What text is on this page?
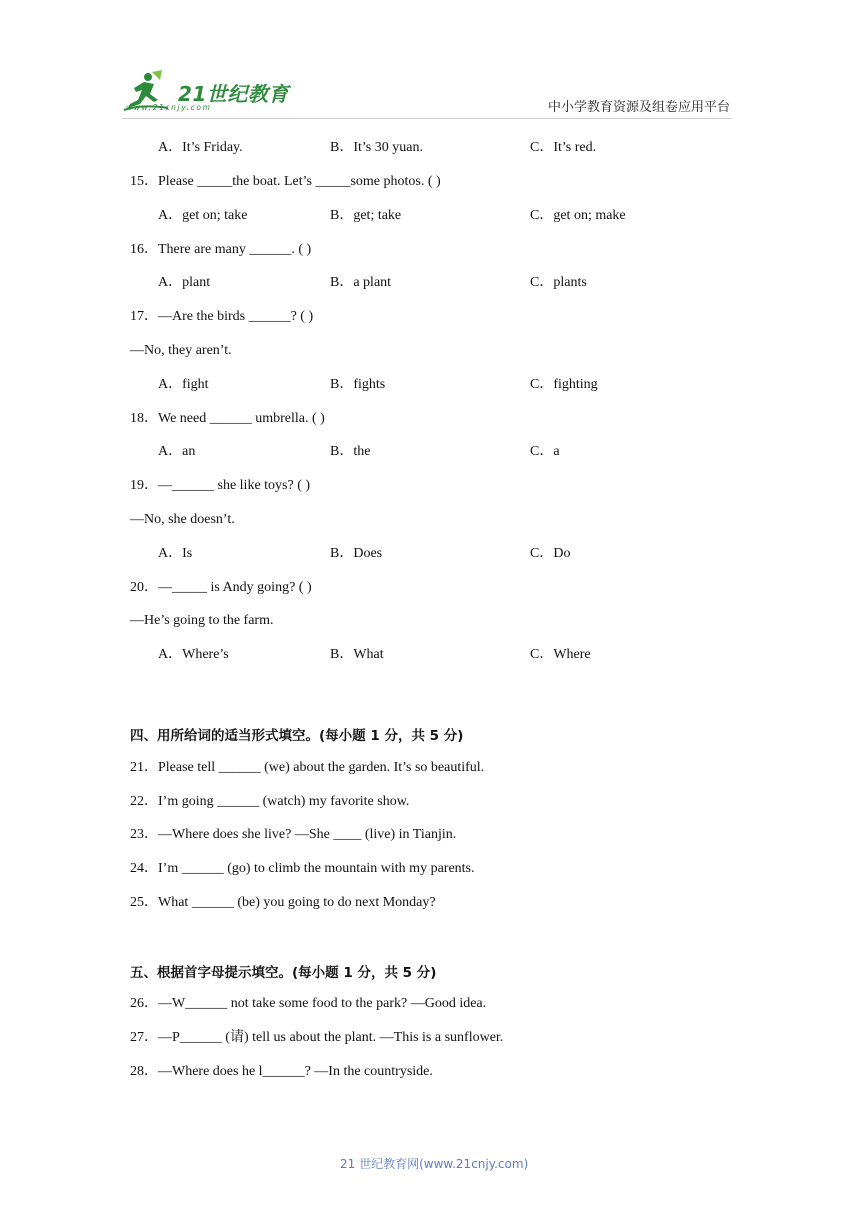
21世纪教育
www.21cnjy.com	中小学教育资源及组卷应用平台
A．It’s Friday.	B．It’s 30 yuan.	C．It’s red.
15．Please _____the boat. Let’s _____some photos. ( )
A．get on; take	B．get; take	C．get on; make
16．There are many ______. ( )
A．plant	B．a plant	C．plants
17．—Are the birds ______? ( )
—No, they aren’t.
A．fight	B．fights	C．fighting
18．We need ______ umbrella. ( )
A．an	B．the	C．a
19．—______ she like toys? ( )
—No, she doesn’t.
A．Is	B．Does	C．Do
20．—_____ is Andy going? ( )
—He’s going to the farm.
A．Where’s	B．What	C．Where
四、用所给词的适当形式填空。(每小题 1 分，共 5 分)
21．Please tell ______ (we) about the garden. It’s so beautiful.
22．I’m going ______ (watch) my favorite show.
23．—Where does she live? —She ____ (live) in Tianjin.
24．I’m ______ (go) to climb the mountain with my parents.
25．What ______ (be) you going to do next Monday?
五、根据首字母提示填空。(每小题 1 分，共 5 分)
26．—W______ not take some food to the park? —Good idea.
27．—P______ (请) tell us about the plant. —This is a sunflower.
28．—Where does he l______? —In the countryside.
21 世纪教育网(www.21cnjy.com)
